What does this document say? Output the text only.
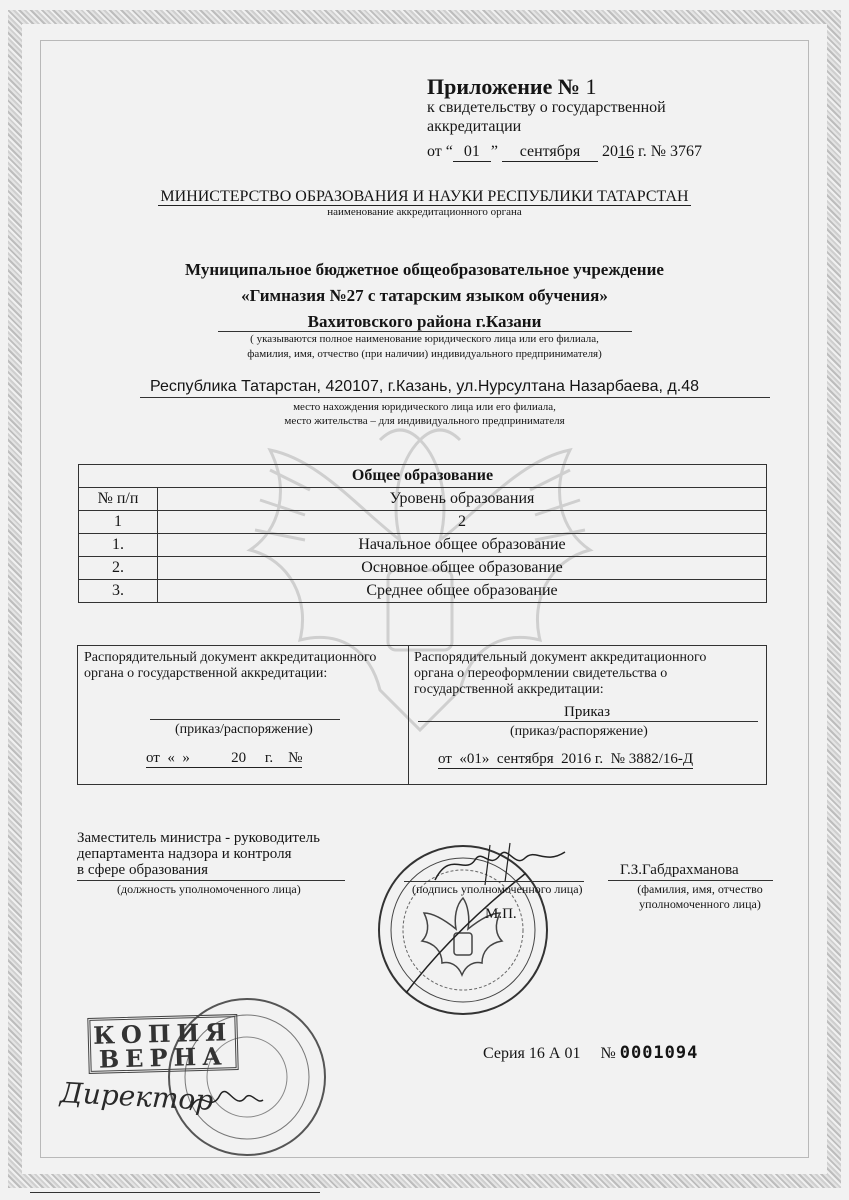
Приложение № 1
к свидетельству о государственной
аккредитации
от “ 01 ” сентября 2016 г. № 3767
МИНИСТЕРСТВО ОБРАЗОВАНИЯ И НАУКИ РЕСПУБЛИКИ ТАТАРСТАН
наименование аккредитационного органа
Муниципальное бюджетное общеобразовательное учреждение
«Гимназия №27 с татарским языком обучения»
Вахитовского района г.Казани
( указываются полное наименование юридического лица или его филиала,
фамилия, имя, отчество (при наличии) индивидуального предпринимателя)
Республика Татарстан, 420107, г.Казань, ул.Нурсултана Назарбаева, д.48
место нахождения юридического лица или его филиала,
место жительства – для индивидуального предпринимателя
Общее образование	
№ п/п	Уровень образования
1	2
1.	Начальное общее образование
2.	Основное общее образование
3.	Среднее общее образование
Распорядительный документ аккредитационного
органа о государственной аккредитации:
(приказ/распоряжение)
от  «  »           20     г.    №
Распорядительный документ аккредитационного
органа о переоформлении свидетельства о
государственной аккредитации:
Приказ
(приказ/распоряжение)
от  «01»  сентября  2016 г.  № 3882/16-Д
Заместитель министра - руководитель
департамента надзора и контроля
в сфере образования
(должность уполномоченного лица)	(подпись уполномоченного лица)
М.П.
Г.З.Габдрахманова
(фамилия, имя, отчество
уполномоченного лица)
КОПИЯ
ВЕРНА
Директор
Серия 16 А 01 № 0001094
